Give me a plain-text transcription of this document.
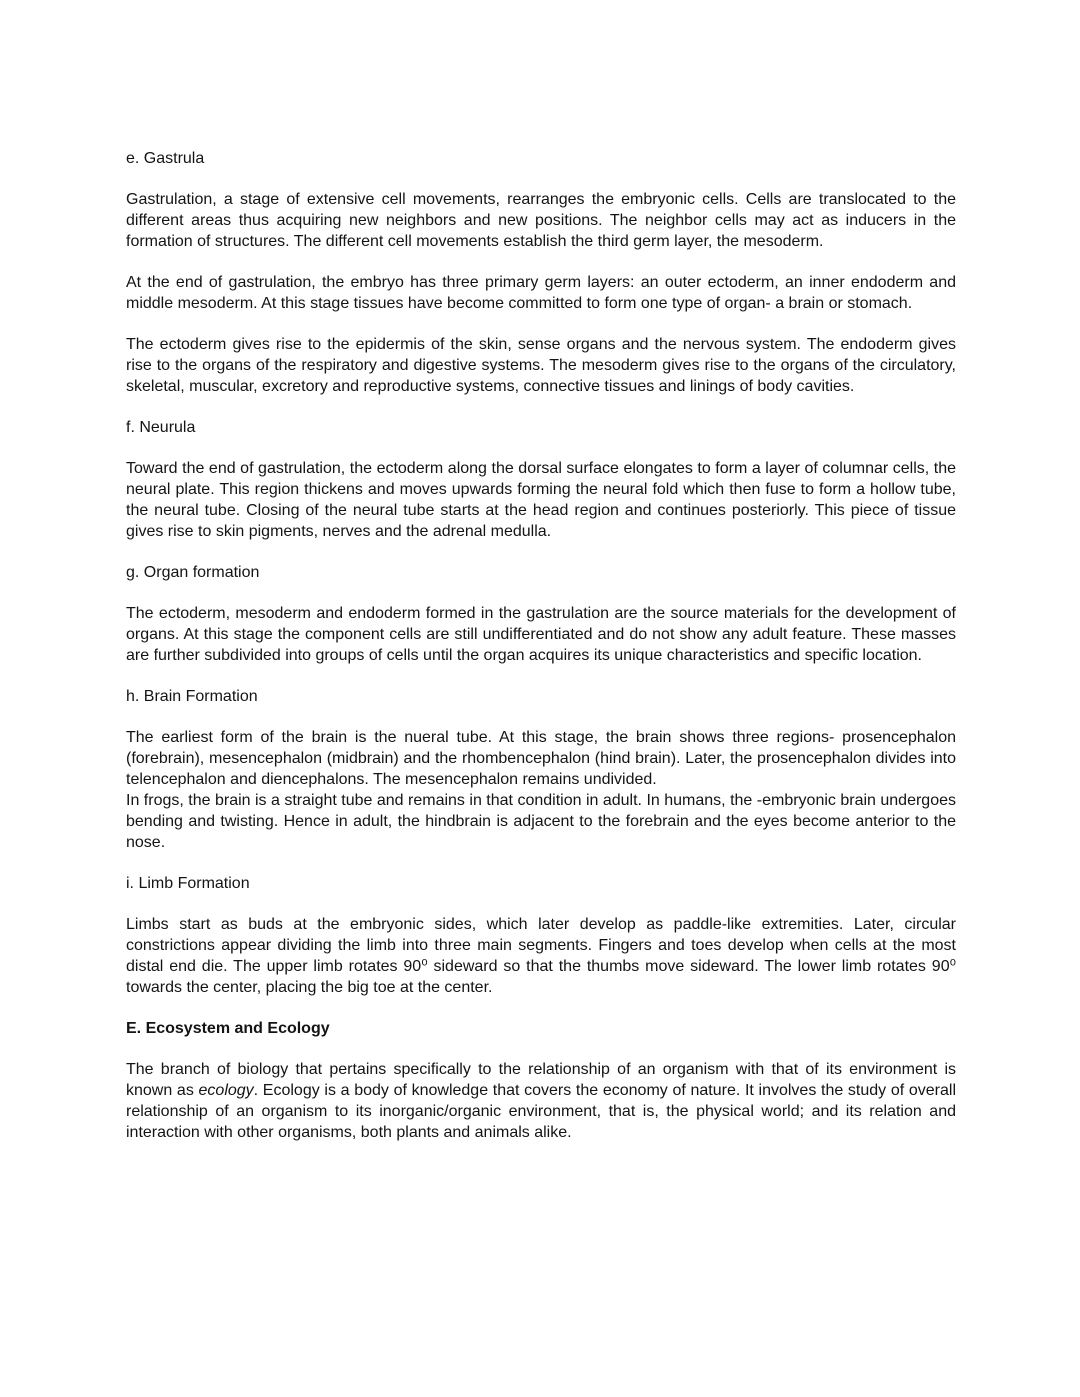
e. Gastrula

Gastrulation, a stage of extensive cell movements, rearranges the embryonic cells. Cells are translocated to the different areas thus acquiring new neighbors and new positions. The neighbor cells may act as inducers in the formation of structures. The different cell movements establish the third germ layer, the mesoderm.

At the end of gastrulation, the embryo has three primary germ layers: an outer ectoderm, an inner endoderm and middle mesoderm. At this stage tissues have become committed to form one type of organ- a brain or stomach.

The ectoderm gives rise to the epidermis of the skin, sense organs and the nervous system. The endoderm gives rise to the organs of the respiratory and digestive systems. The mesoderm gives rise to the organs of the circulatory, skeletal, muscular, excretory and reproductive systems, connective tissues and linings of body cavities.

f. Neurula

Toward the end of gastrulation, the ectoderm along the dorsal surface elongates to form a layer of columnar cells, the neural plate. This region thickens and moves upwards forming the neural fold which then fuse to form a hollow tube, the neural tube. Closing of the neural tube starts at the head region and continues posteriorly. This piece of tissue gives rise to skin pigments, nerves and the adrenal medulla.

g. Organ formation

The ectoderm, mesoderm and endoderm formed in the gastrulation are the source materials for the development of organs. At this stage the component cells are still undifferentiated and do not show any adult feature. These masses are further subdivided into groups of cells until the organ acquires its unique characteristics and specific location.

h. Brain Formation

The earliest form of the brain is the nueral tube. At this stage, the brain shows three regions- prosencephalon (forebrain), mesencephalon (midbrain) and the rhombencephalon (hind brain). Later, the prosencephalon divides into telencephalon and diencephalons. The mesencephalon remains undivided.
In frogs, the brain is a straight tube and remains in that condition in adult. In humans, the -embryonic brain undergoes bending and twisting. Hence in adult, the hindbrain is adjacent to the forebrain and the eyes become anterior to the nose.

i. Limb Formation

Limbs start as buds at the embryonic sides, which later develop as paddle-like extremities. Later, circular constrictions appear dividing the limb into three main segments. Fingers and toes develop when cells at the most distal end die. The upper limb rotates 90⁰ sideward so that the thumbs move sideward. The lower limb rotates 90⁰ towards the center, placing the big toe at the center.

E. Ecosystem and Ecology

The branch of biology that pertains specifically to the relationship of an organism with that of its environment is known as ecology. Ecology is a body of knowledge that covers the economy of nature. It involves the study of overall relationship of an organism to its inorganic/organic environment, that is, the physical world; and its relation and interaction with other organisms, both plants and animals alike.
